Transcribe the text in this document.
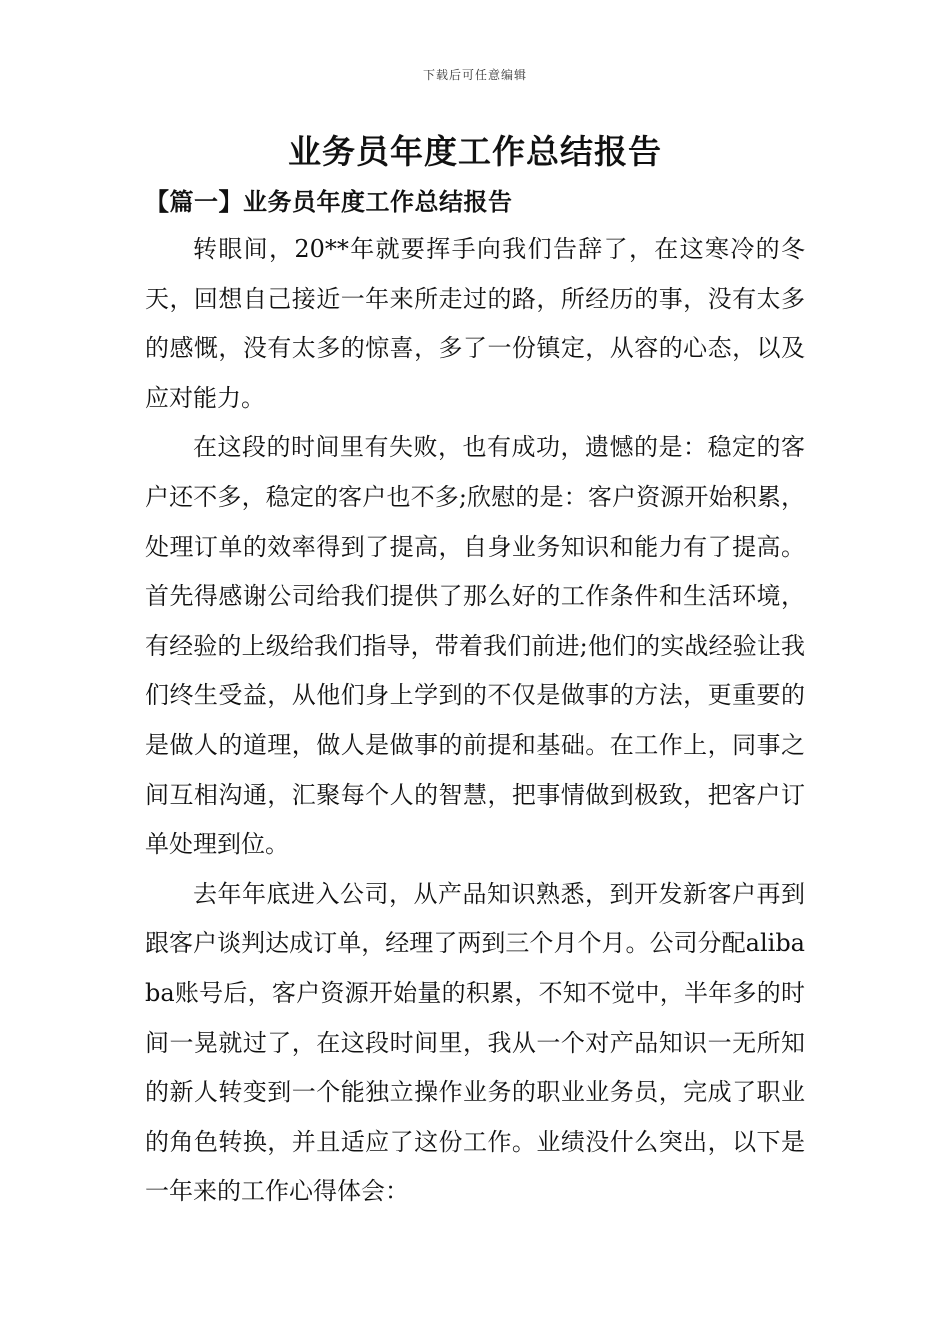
下载后可任意编辑
业务员年度工作总结报告
【篇一】业务员年度工作总结报告

转眼间，20**年就要挥手向我们告辞了，在这寒冷的冬天，回想自己接近一年来所走过的路，所经历的事，没有太多的感慨，没有太多的惊喜，多了一份镇定，从容的心态，以及应对能力。

在这段的时间里有失败，也有成功，遗憾的是：稳定的客户还不多，稳定的客户也不多;欣慰的是：客户资源开始积累，处理订单的效率得到了提高，自身业务知识和能力有了提高。首先得感谢公司给我们提供了那么好的工作条件和生活环境，有经验的上级给我们指导，带着我们前进;他们的实战经验让我们终生受益，从他们身上学到的不仅是做事的方法，更重要的是做人的道理，做人是做事的前提和基础。在工作上，同事之间互相沟通，汇聚每个人的智慧，把事情做到极致，把客户订单处理到位。

去年年底进入公司，从产品知识熟悉，到开发新客户再到跟客户谈判达成订单，经理了两到三个月个月。公司分配alibaba账号后，客户资源开始量的积累，不知不觉中，半年多的时间一晃就过了，在这段时间里，我从一个对产品知识一无所知的新人转变到一个能独立操作业务的职业业务员，完成了职业的角色转换，并且适应了这份工作。业绩没什么突出，以下是一年来的工作心得体会：
